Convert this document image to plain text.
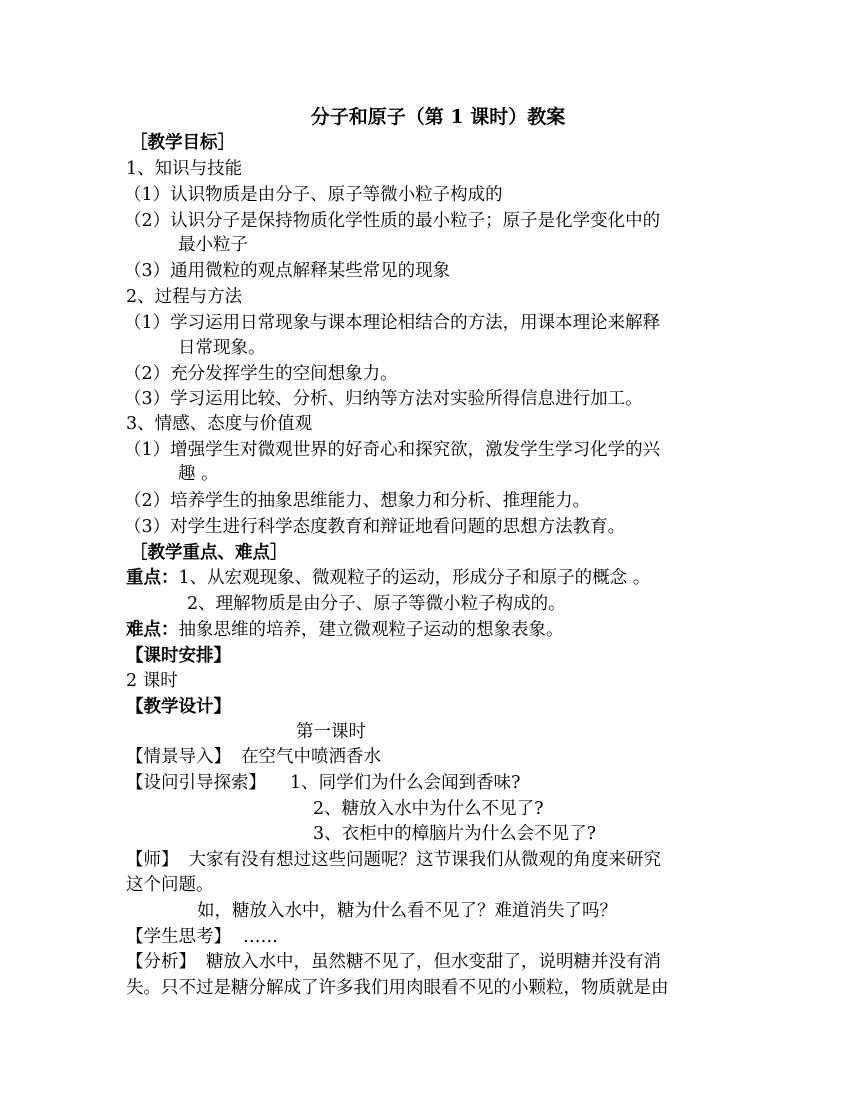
分子和原子（第 1 课时）教案
［教学目标］
1、知识与技能
（1）认识物质是由分子、原子等微小粒子构成的
（2）认识分子是保持物质化学性质的最小粒子；原子是化学变化中的
最小粒子
（3）通用微粒的观点解释某些常见的现象
2、过程与方法
（1）学习运用日常现象与课本理论相结合的方法，用课本理论来解释
日常现象。
（2）充分发挥学生的空间想象力。
（3）学习运用比较、分析、归纳等方法对实验所得信息进行加工。
3、情感、态度与价值观
（1）增强学生对微观世界的好奇心和探究欲，激发学生学习化学的兴
趣 。
（2）培养学生的抽象思维能力、想象力和分析、推理能力。
（3）对学生进行科学态度教育和辩证地看问题的思想方法教育。
［教学重点、难点］
重点：1、从宏观现象、微观粒子的运动，形成分子和原子的概念 。
2、理解物质是由分子、原子等微小粒子构成的。
难点：抽象思维的培养，建立微观粒子运动的想象表象。
【课时安排】
2 课时
【教学设计】
第一课时
【情景导入】 在空气中喷洒香水
【设问引导探索】 1、同学们为什么会闻到香味?
2、糖放入水中为什么不见了?
3、衣柜中的樟脑片为什么会不见了?
【师】 大家有没有想过这些问题呢？这节课我们从微观的角度来研究
这个问题。
如，糖放入水中，糖为什么看不见了？难道消失了吗？
【学生思考】 ……
【分析】 糖放入水中，虽然糖不见了，但水变甜了，说明糖并没有消
失。只不过是糖分解成了许多我们用肉眼看不见的小颗粒，物质就是由
